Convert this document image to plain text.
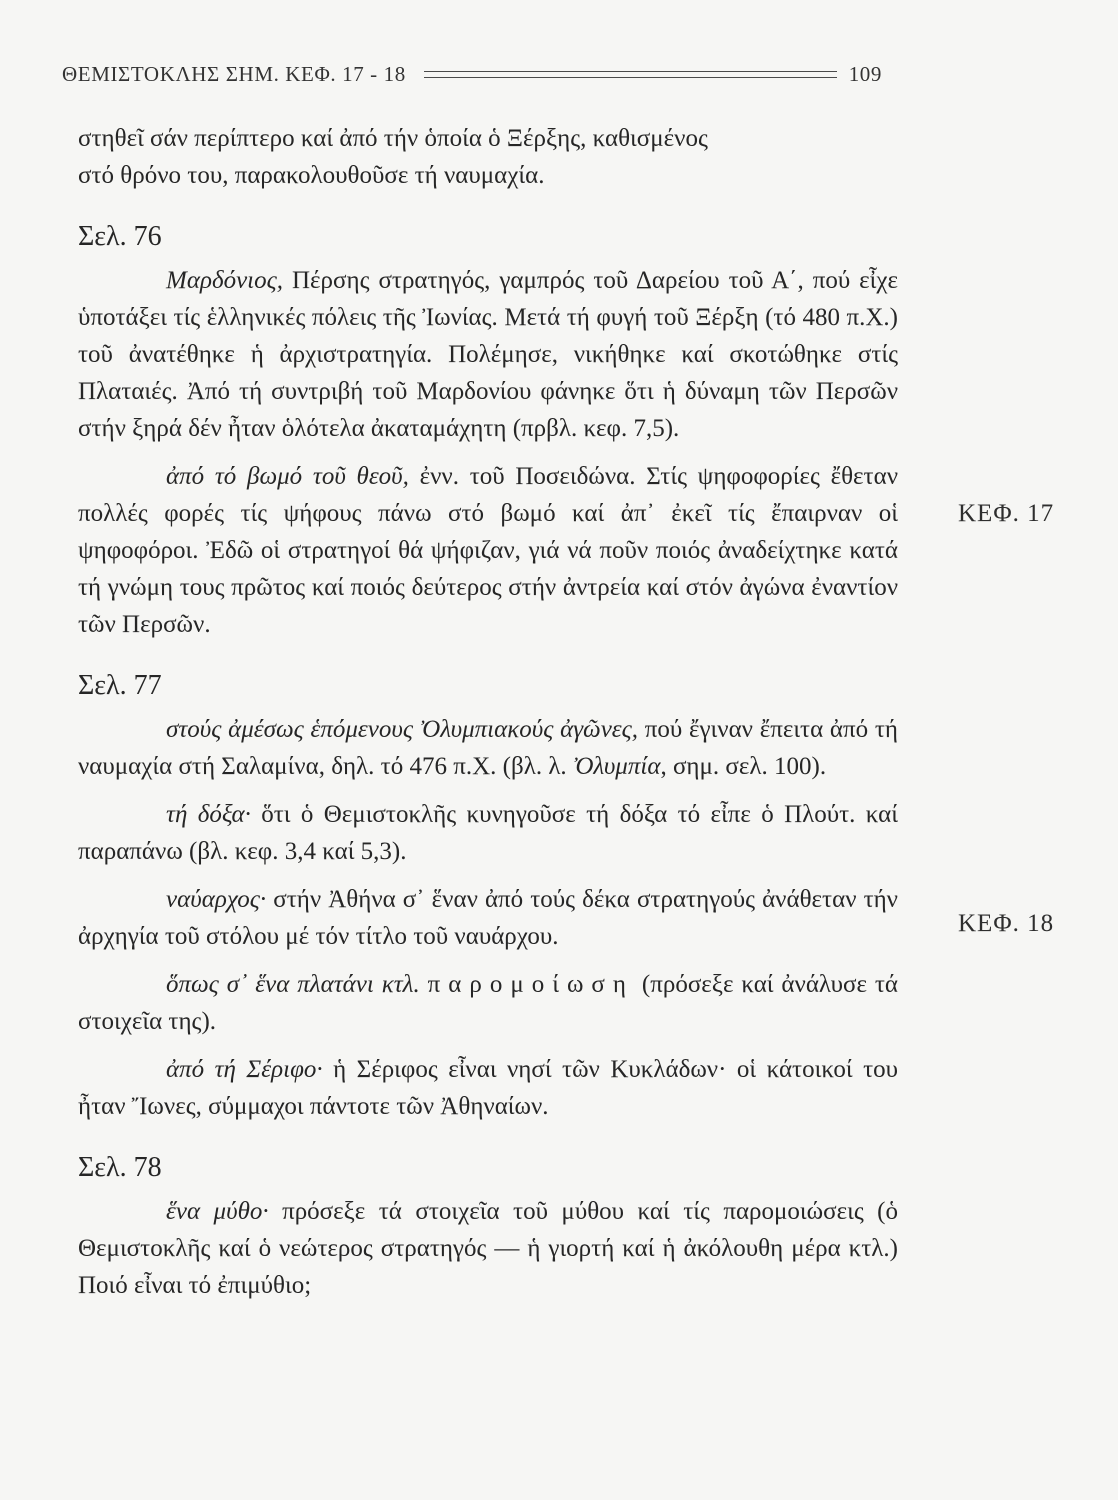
ΘΕΜΙΣΤΟΚΛΗΣ ΣΗΜ. ΚΕΦ. 17 - 18	109

στηθεῖ σάν περίπτερο καί ἀπό τήν ὁποία ὁ Ξέρξης, καθισμένος
στό θρόνο του, παρακολουθοῦσε τή ναυμαχία.

Σελ. 76

Μαρδόνιος, Πέρσης στρατηγός, γαμπρός τοῦ Δαρείου τοῦ Α΄, πού εἶχε ὑποτάξει τίς ἑλληνικές πόλεις τῆς Ἰωνίας. Μετά τή φυγή τοῦ Ξέρξη (τό 480 π.Χ.) τοῦ ἀνατέθηκε ἡ ἀρχιστρατηγία. Πολέμησε, νικήθηκε καί σκοτώθηκε στίς Πλαταιές. Ἀπό τή συντριβή τοῦ Μαρδονίου φάνηκε ὅτι ἡ δύναμη τῶν Περσῶν στήν ξηρά δέν ἦταν ὁλότελα ἀκαταμάχητη (πρβλ. κεφ. 7,5).

ἀπό τό βωμό τοῦ θεοῦ, ἐνν. τοῦ Ποσειδώνα. Στίς ψηφοφορίες ἔθεταν πολλές φορές τίς ψήφους πάνω στό βωμό καί ἀπ᾽ ἐκεῖ τίς ἔπαιρναν οἱ ψηφοφόροι. Ἐδῶ οἱ στρατηγοί θά ψήφιζαν, γιά νά ποῦν ποιός ἀναδείχτηκε κατά τή γνώμη τους πρῶτος καί ποιός δεύτερος στήν ἀντρεία καί στόν ἀγώνα ἐναντίον τῶν Περσῶν.

Σελ. 77

στούς ἀμέσως ἑπόμενους Ὀλυμπιακούς ἀγῶνες, πού ἔγιναν ἔπειτα ἀπό τή ναυμαχία στή Σαλαμίνα, δηλ. τό 476 π.Χ. (βλ. λ. Ὀλυμπία, σημ. σελ. 100).

τή δόξα· ὅτι ὁ Θεμιστοκλῆς κυνηγοῦσε τή δόξα τό εἶπε ὁ Πλούτ. καί παραπάνω (βλ. κεφ. 3,4 καί 5,3).

ναύαρχος· στήν Ἀθήνα σ᾽ ἕναν ἀπό τούς δέκα στρατηγούς ἀνάθεταν τήν ἀρχηγία τοῦ στόλου μέ τόν τίτλο τοῦ ναυάρχου.

ὅπως σ᾽ ἕνα πλατάνι κτλ. παρομοίωση (πρόσεξε καί ἀνάλυσε τά στοιχεῖα της).

ἀπό τή Σέριφο· ἡ Σέριφος εἶναι νησί τῶν Κυκλάδων· οἱ κάτοικοί του ἦταν Ἴωνες, σύμμαχοι πάντοτε τῶν Ἀθηναίων.

Σελ. 78

ἕνα μύθο· πρόσεξε τά στοιχεῖα τοῦ μύθου καί τίς παρομοιώσεις (ὁ Θεμιστοκλῆς καί ὁ νεώτερος στρατηγός — ἡ γιορτή καί ἡ ἀκόλουθη μέρα κτλ.) Ποιό εἶναι τό ἐπιμύθιο;

ΚΕΦ. 17
ΚΕΦ. 18
